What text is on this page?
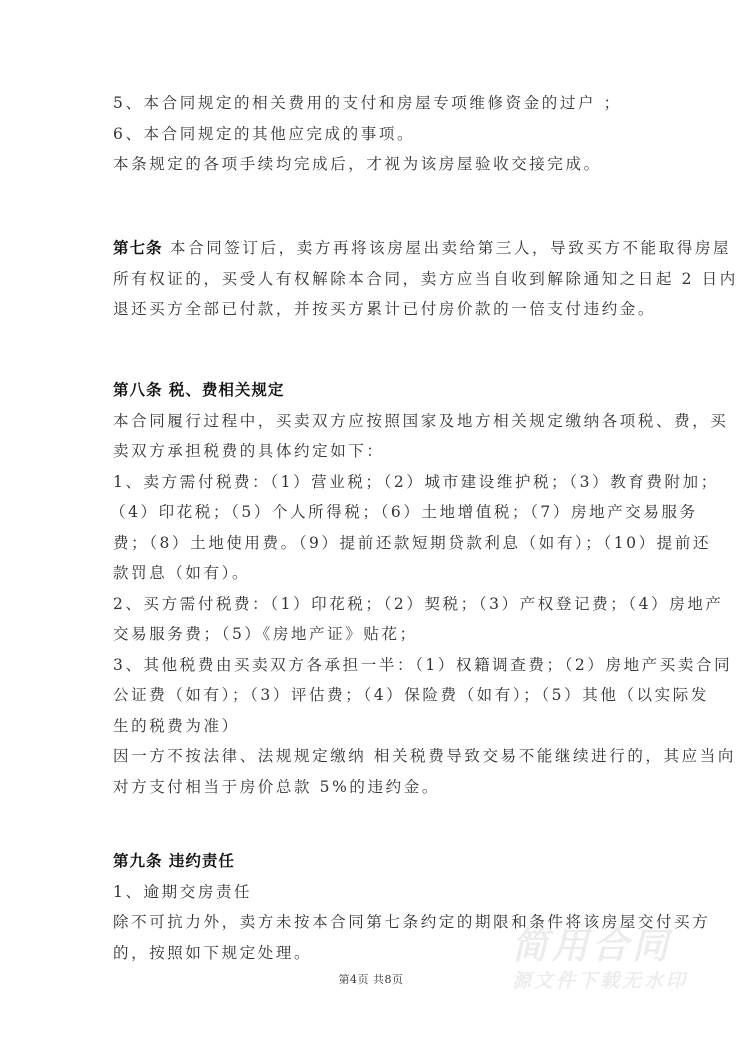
5、本合同规定的相关费用的支付和房屋专项维修资金的过户 ；
6、本合同规定的其他应完成的事项。
本条规定的各项手续均完成后，才视为该房屋验收交接完成。
第七条 本合同签订后，卖方再将该房屋出卖给第三人，导致买方不能取得房屋
所有权证的，买受人有权解除本合同，卖方应当自收到解除通知之日起 2 日内
退还买方全部已付款，并按买方累计已付房价款的一倍支付违约金。
第八条 税、费相关规定
本合同履行过程中，买卖双方应按照国家及地方相关规定缴纳各项税、费，买
卖双方承担税费的具体约定如下：
1、卖方需付税费：（1）营业税；（2）城市建设维护税；（3）教育费附加；
（4）印花税；（5）个人所得税；（6）土地增值税；（7）房地产交易服务
费；（8）土地使用费。（9）提前还款短期贷款利息（如有）；（10）提前还
款罚息（如有）。
2、买方需付税费：（1）印花税；（2）契税；（3）产权登记费；（4）房地产
交易服务费；（5）《房地产证》贴花；
3、其他税费由买卖双方各承担一半：（1）权籍调查费；（2）房地产买卖合同
公证费（如有）；（3）评估费；（4）保险费（如有）；（5）其他（以实际发
生的税费为准）
因一方不按法律、法规规定缴纳 相关税费导致交易不能继续进行的，其应当向
对方支付相当于房价总款 5%的违约金。
第九条 违约责任
1、逾期交房责任
除不可抗力外，卖方未按本合同第七条约定的期限和条件将该房屋交付买方
的，按照如下规定处理。	简用合同
第4页 共8页	源文件下载无水印
